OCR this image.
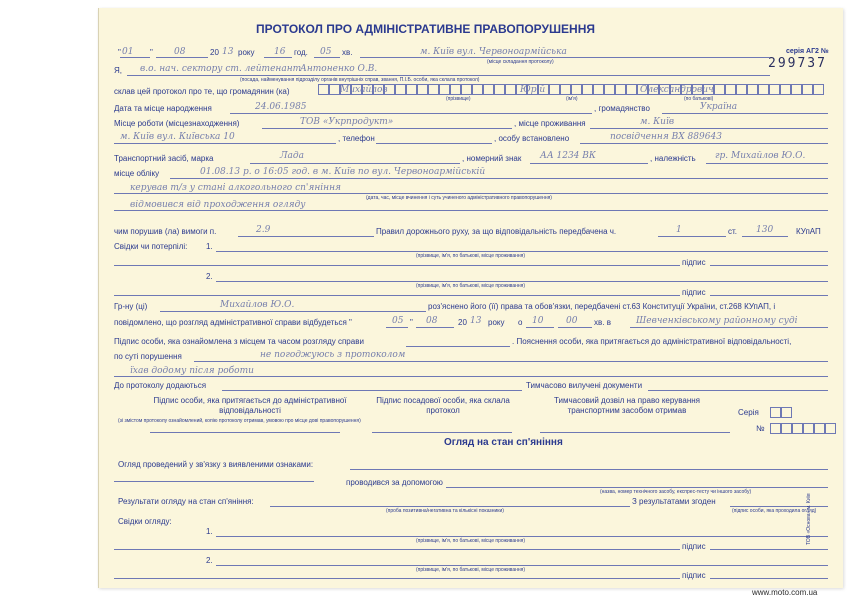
ПРОТОКОЛ ПРО АДМІНІСТРАТИВНЕ ПРАВОПОРУШЕННЯ
серія АГ2 №
299737
" 01 " 08	20 13 року 16 год. 05 хв.	м. Київ вул. Червоноармійська
(місце складання протоколу)
Я, в.о. нач. сектору ст. лейтенант
Антоненко О.В.
(посада, найменування підрозділу органів внутрішніх справ, звання, П.І.Б. особи, яка склала протокол)
склав цей протокол про те, що громадянин (ка)	Михайлов	Юрій	Олександрович
(прізвище)	(ім'я)	(по батькові)
Дата та місце народження	24.06.1985	, громадянство	Україна
Місце роботи (місцезнаходження)	ТОВ «Укрпродукт»	, місце проживання	м. Київ
м. Київ вул. Київська 10	, телефон	, особу встановлено	посвідчення ВХ 889643
Транспортний засіб, марка	Лада	, номерний знак АА 1234 ВК	, належність гр. Михайлов Ю.О.
місце обліку	01.08.13 р. о 16:05 год. в м. Київ по вул. Червоноармійській
керував т/з у стані алкогольного сп'яніння
(дата, час, місце вчинення і суть учиненого адміністративного правопорушення)
відмовився від проходження огляду
чим порушив (ла) вимоги п.	2.9	Правил дорожнього руху, за що відповідальність передбачена ч.	1	ст. 130	КУпАП
Свідки чи потерпілі: 1.
(прізвище, ім'я, по батькові, місце проживання)
підпис
2.
(прізвище, ім'я, по батькові, місце проживання)
підпис
Гр-ну (ці)	Михайлов Ю.О.	роз'яснено його (її) права та обов'язки, передбачені ст.63 Конституції України, ст.268 КУпАП, і
повідомлено, що розгляд адміністративної справи відбудеться "	05 " 08	20 13 року о 10	00 хв. в	Шевченківському районному суді
Підпис особи, яка ознайомлена з місцем та часом розгляду справи	. Пояснення особи, яка притягається до адміністративної відповідальності,
по суті порушення	не погоджуюсь з протоколом
їхав додому після роботи
До протоколу додаються	Тимчасово вилучені документи
Підпис особи, яка притягається до адміністративної відповідальності
(зі змістом протоколу ознайомлений, копію протоколу отримав, умовою про місце дові правопорушення)
Підпис посадової особи, яка склала протокол
Тимчасовий дозвіл на право керування транспортним засобом отримав	Серія
№
Огляд на стан сп'яніння
Огляд проведений у зв'язку з виявленими ознаками:
проводився за допомогою
(назва, номер технічного засобу, експрес-тесту чи іншого засобу)
Результати огляду на стан сп'яніння:
(проба позитивна/негативна та кількісні показники)
З результатами згоден
(підпис особи, яка проходила огляд)
Свідки огляду:
1.
(прізвище, ім'я, по батькові, місце проживання)
підпис
2.
(прізвище, ім'я, по батькові, місце проживання)
підпис
ТОВ «Основа» м. Київ
www.moto.com.ua
